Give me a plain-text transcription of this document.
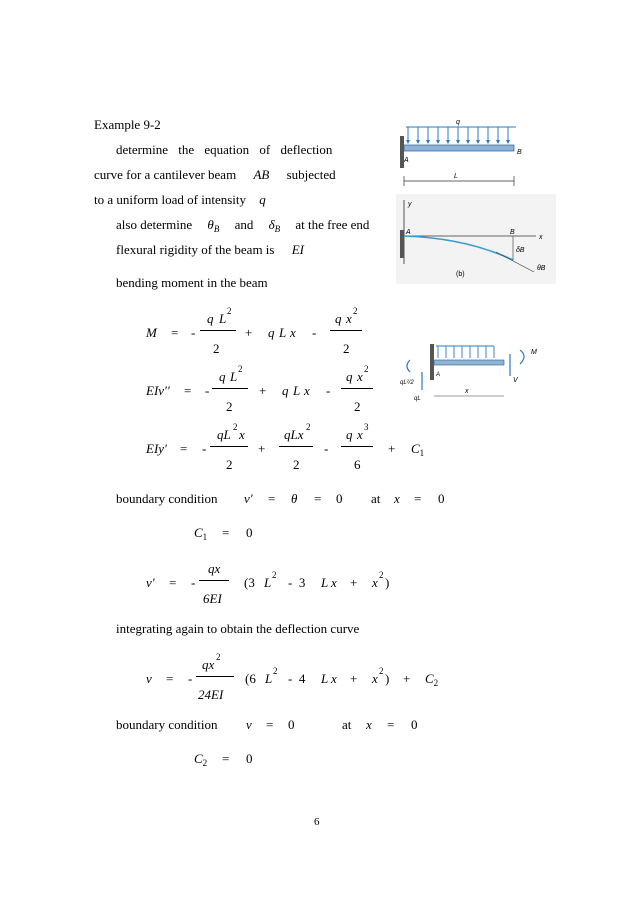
Example 9-2
determine the equation of deflection
curve for a cantilever beam AB subjected
to a uniform load of intensity q
also determine $\theta_B$ and $\delta_B$ at the free end
flexural rigidity of the beam is EI
bending moment in the beam
M = -
q L 2
2
+ q L x -
q x 2
2
EIv'' = -
q L 2
2
+ q L x -
q x 2
2
EIy' = -
qL 2 x
2
+
qLx 2
2
-
q x 3
6
+ $C_1$
boundary condition v' = θ = 0 at x = 0
$C_1 = 0$
v' = -
qx
6EI
(3 L 2 -  3 L x + x 2 )
integrating again to obtain the deflection curve
v = -
qx 2
24EI
(6 L 2 -  4 L x + x 2 ) + $C_2$
boundary condition v = 0	at x = 0
$C_2 = 0$
6
q
A
B
L
y
x
A	B
δB
θB
(b)
qL²/2
qL
M
V
x
A
